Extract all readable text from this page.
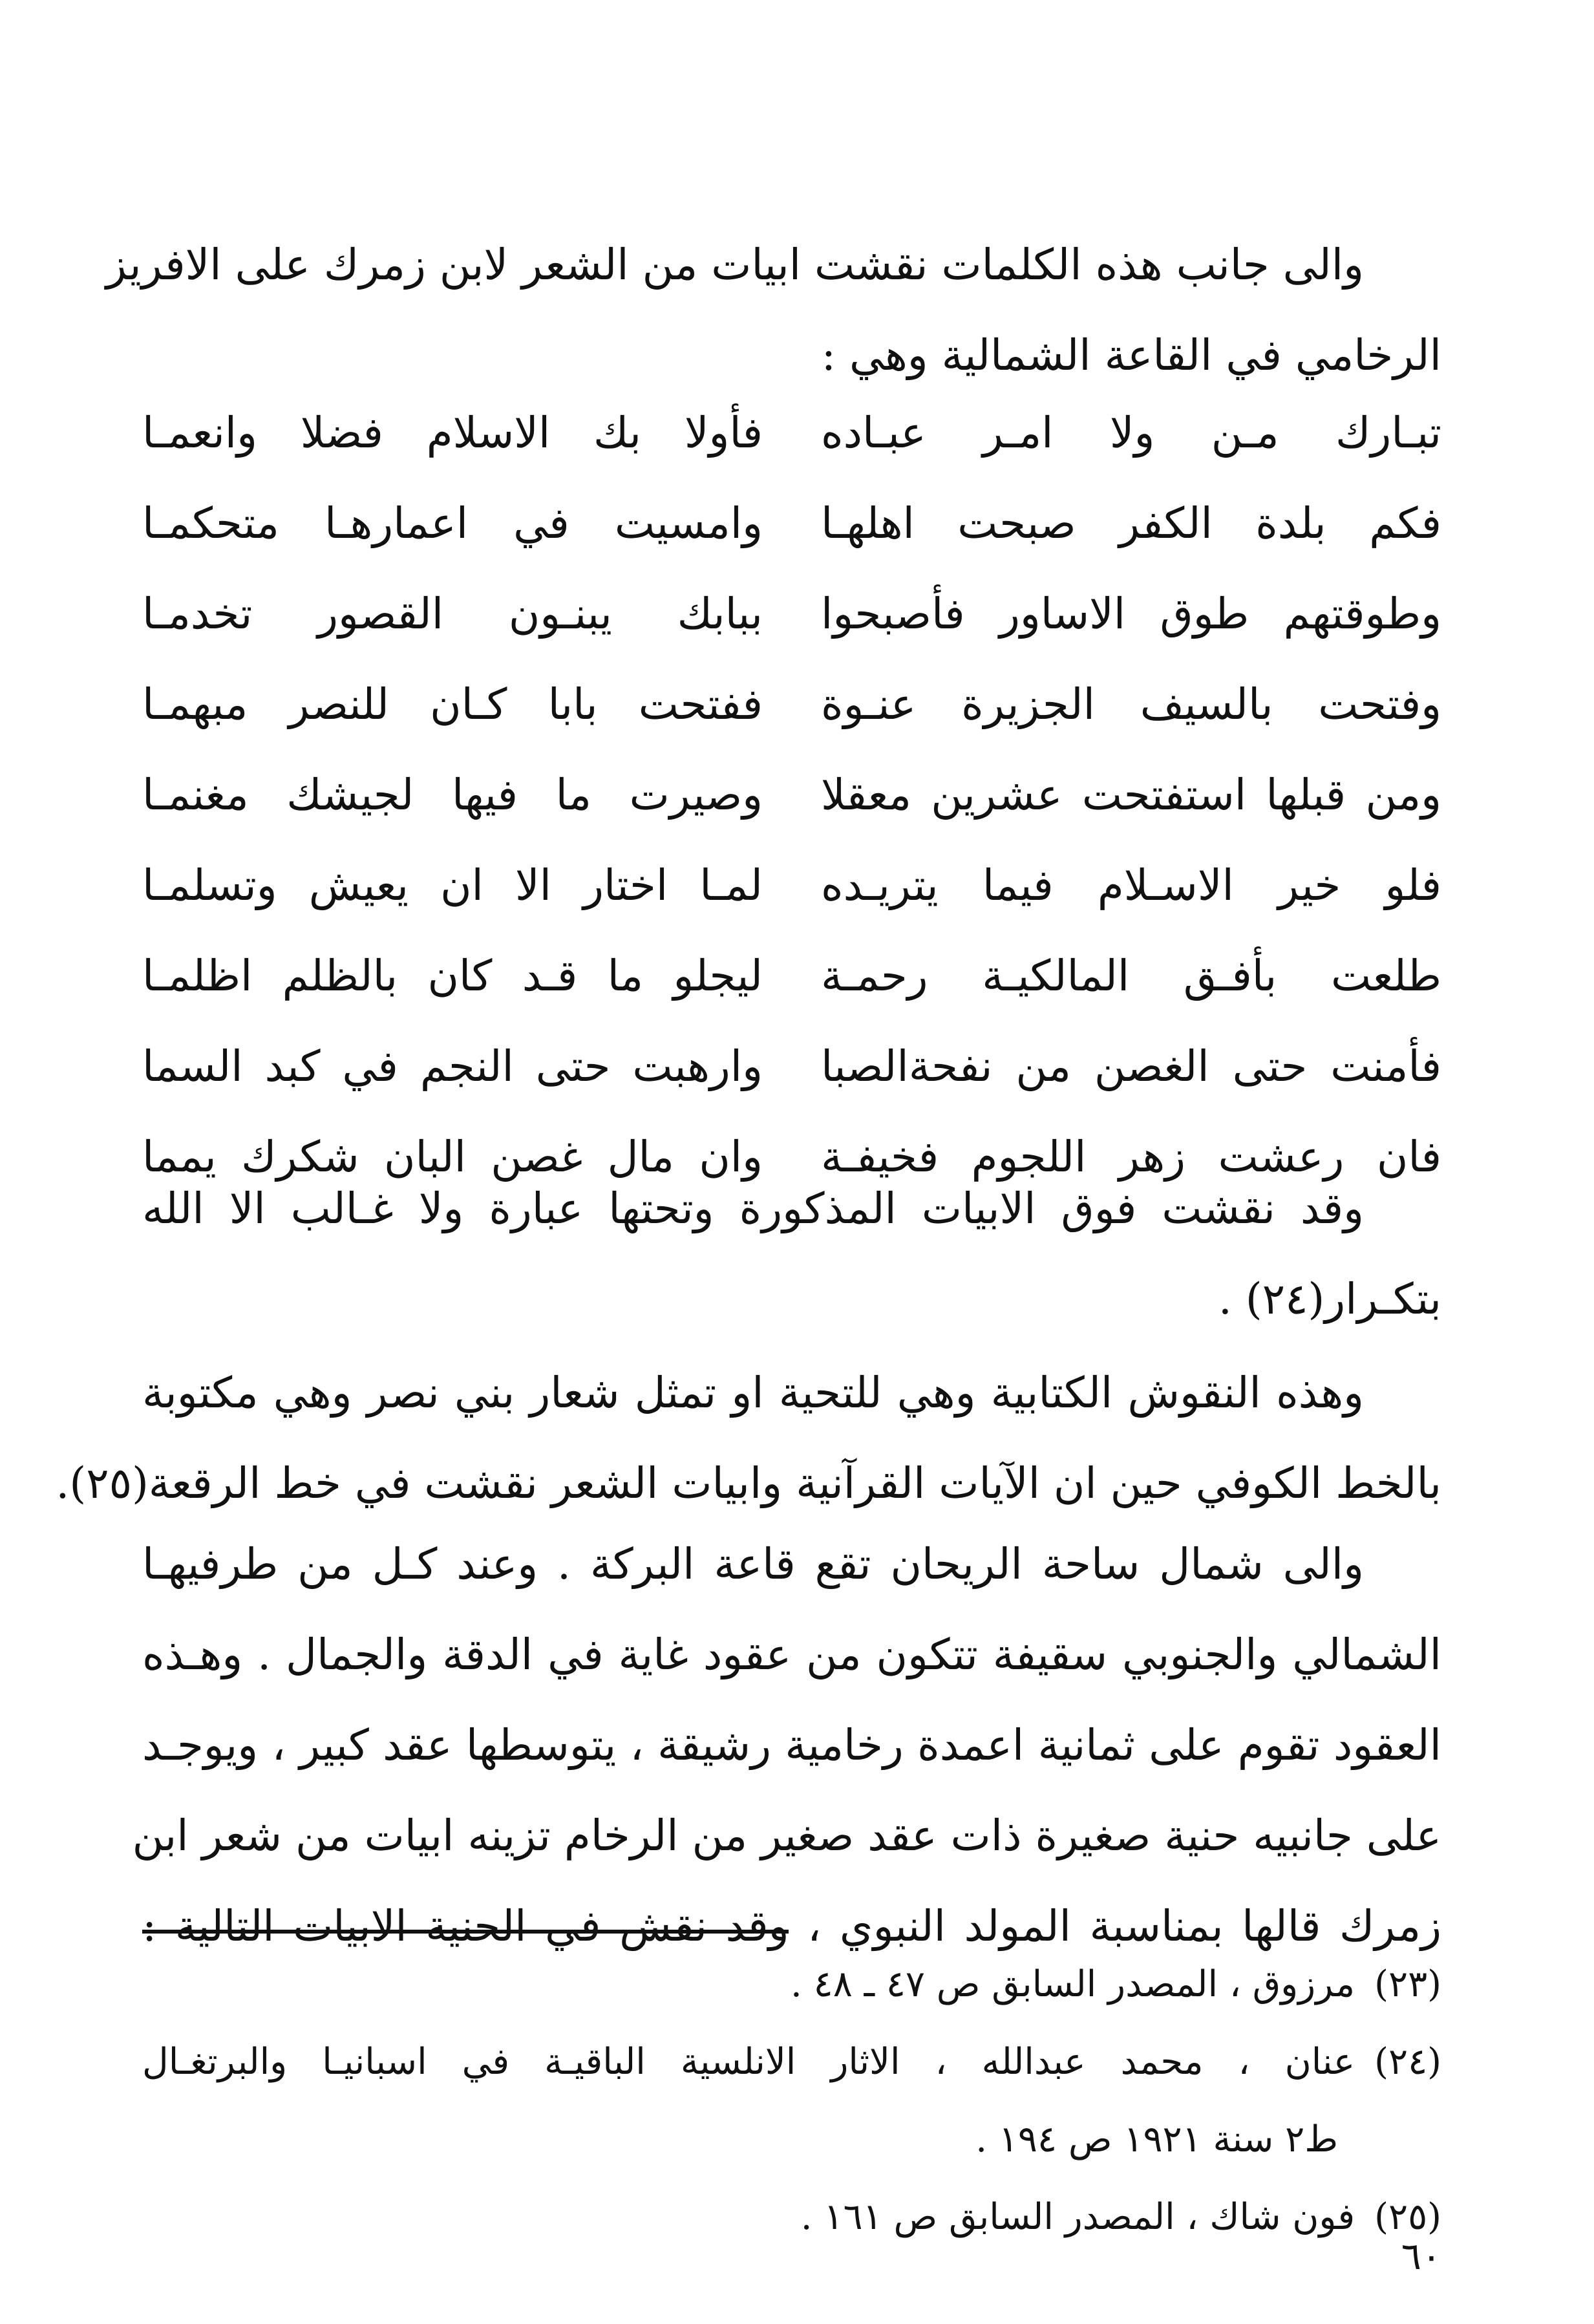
والى جانب هذه الكلمات نقشت ابيات من الشعر لابن زمرك على الافريز
الرخامي في القاعة الشمالية وهي :
تبـارك مـن ولا امـر عبـاده
فأولا بك الاسلام فضلا وانعمـا
فكم بلدة الكفر صبحت اهلهـا
وامسيت في اعمارهـا متحكمـا
وطوقتهم طوق الاساور فأصبحوا
ببابك يبنـون القصور تخدمـا
وفتحت بالسيف الجزيرة عنـوة
ففتحت بابا كـان للنصر مبهمـا
ومن قبلها استفتحت عشرين معقلا
وصيرت ما فيها لجيشك مغنمـا
فلو خير الاسـلام فيما يتريـده
لمـا اختار الا ان يعيش وتسلمـا
طلعت بأفـق المالكيـة رحمـة
ليجلو ما قـد كان بالظلم اظلمـا
فأمنت حتى الغصن من نفحةالصبا
وارهبت حتى النجم في كبد السما
فان رعشت زهر اللجوم فخيفـة
وان مال غصن البان شكرك يمما
وقد نقشت فوق الابيات المذكورة وتحتها عبارة ولا غـالب الا الله
بتكـرار(٢٤) .
وهذه النقوش الكتابية وهي للتحية او تمثل شعار بني نصر وهي مكتوبة
بالخط الكوفي حين ان الآيات القرآنية وابيات الشعر نقشت في خط الرقعة(٢٥).
والى شمال ساحة الريحان تقع قاعة البركة . وعند كـل من طرفيهـا
الشمالي والجنوبي سقيفة تتكون من عقود غاية في الدقة والجمال . وهـذه
العقود تقوم على ثمانية اعمدة رخامية رشيقة ، يتوسطها عقد كبير ، ويوجـد
على جانبيه حنية صغيرة ذات عقد صغير من الرخام تزينه ابيات من شعر ابن
زمرك قالها بمناسبة المولد النبوي ، وقد نقش في الحنية الابيات التالية :
(٢٣)مرزوق ، المصدر السابق ص ٤٧ ـ ٤٨ .
(٢٤)
عنان ، محمد عبدالله ، الاثار الانلسية الباقيـة في اسبانيـا والبرتغـال
ط٢ سنة ١٩٢١ ص ١٩٤ .
(٢٥)فون شاك ، المصدر السابق ص ١٦١ .
٦٠
